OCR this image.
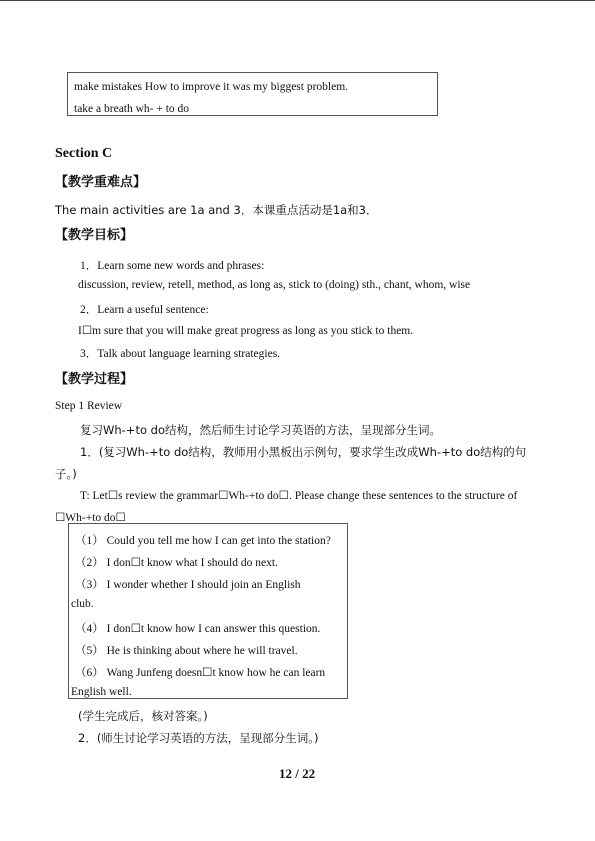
make mistakes How to improve it was my biggest problem.
take a breath wh- + to do
Section C
【教学重难点】
The main activities are 1a and 3．本课重点活动是1a和3．
【教学目标】
1．Learn some new words and phrases:
discussion, review, retell, method, as long as, stick to (doing) sth., chant, whom, wise
2．Learn a useful sentence:
I☐m sure that you will make great progress as long as you stick to them.
3．Talk about language learning strategies.
【教学过程】
Step 1 Review
复习Wh-+to do结构，然后师生讨论学习英语的方法，呈现部分生词。
1．(复习Wh-+to do结构，教师用小黑板出示例句，要求学生改成Wh-+to do结构的句
子。)
T: Let☐s review the grammar☐Wh-+to do☐. Please change these sentences to the structure of
☐Wh-+to do☐
（1） Could you tell me how I can get into the station?
（2） I don☐t know what I should do next.
（3） I wonder whether I should join an English
club.
（4） I don☐t know how I can answer this question.
（5） He is thinking about where he will travel.
（6） Wang Junfeng doesn☐t know how he can learn
English well.
(学生完成后，核对答案。)
2．(师生讨论学习英语的方法，呈现部分生词。)
12 / 22
